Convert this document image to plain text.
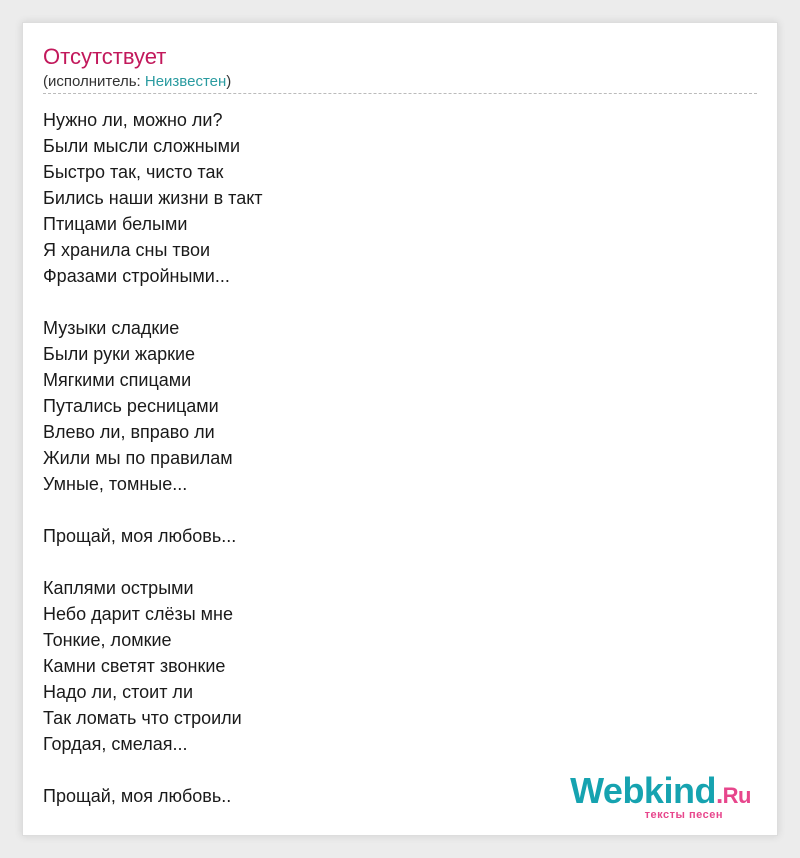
Отсутствует
(исполнитель: Неизвестен)
Нужно ли, можно ли?
Были мысли сложными
Быстро так, чисто так
Бились наши жизни в такт
Птицами белыми
Я хранила сны твои
Фразами стройными...
Музыки сладкие
Были руки жаркие
Мягкими спицами
Путались ресницами
Влево ли, вправо ли
Жили мы по правилам
Умные, томные...
Прощай, моя любовь...
Каплями острыми
Небо дарит слёзы мне
Тонкие, ломкие
Камни светят звонкие
Надо ли, стоит ли
Так ломать что строили
Гордая, смелая...
Прощай, моя любовь..	Webkind.Ru
тексты песен
